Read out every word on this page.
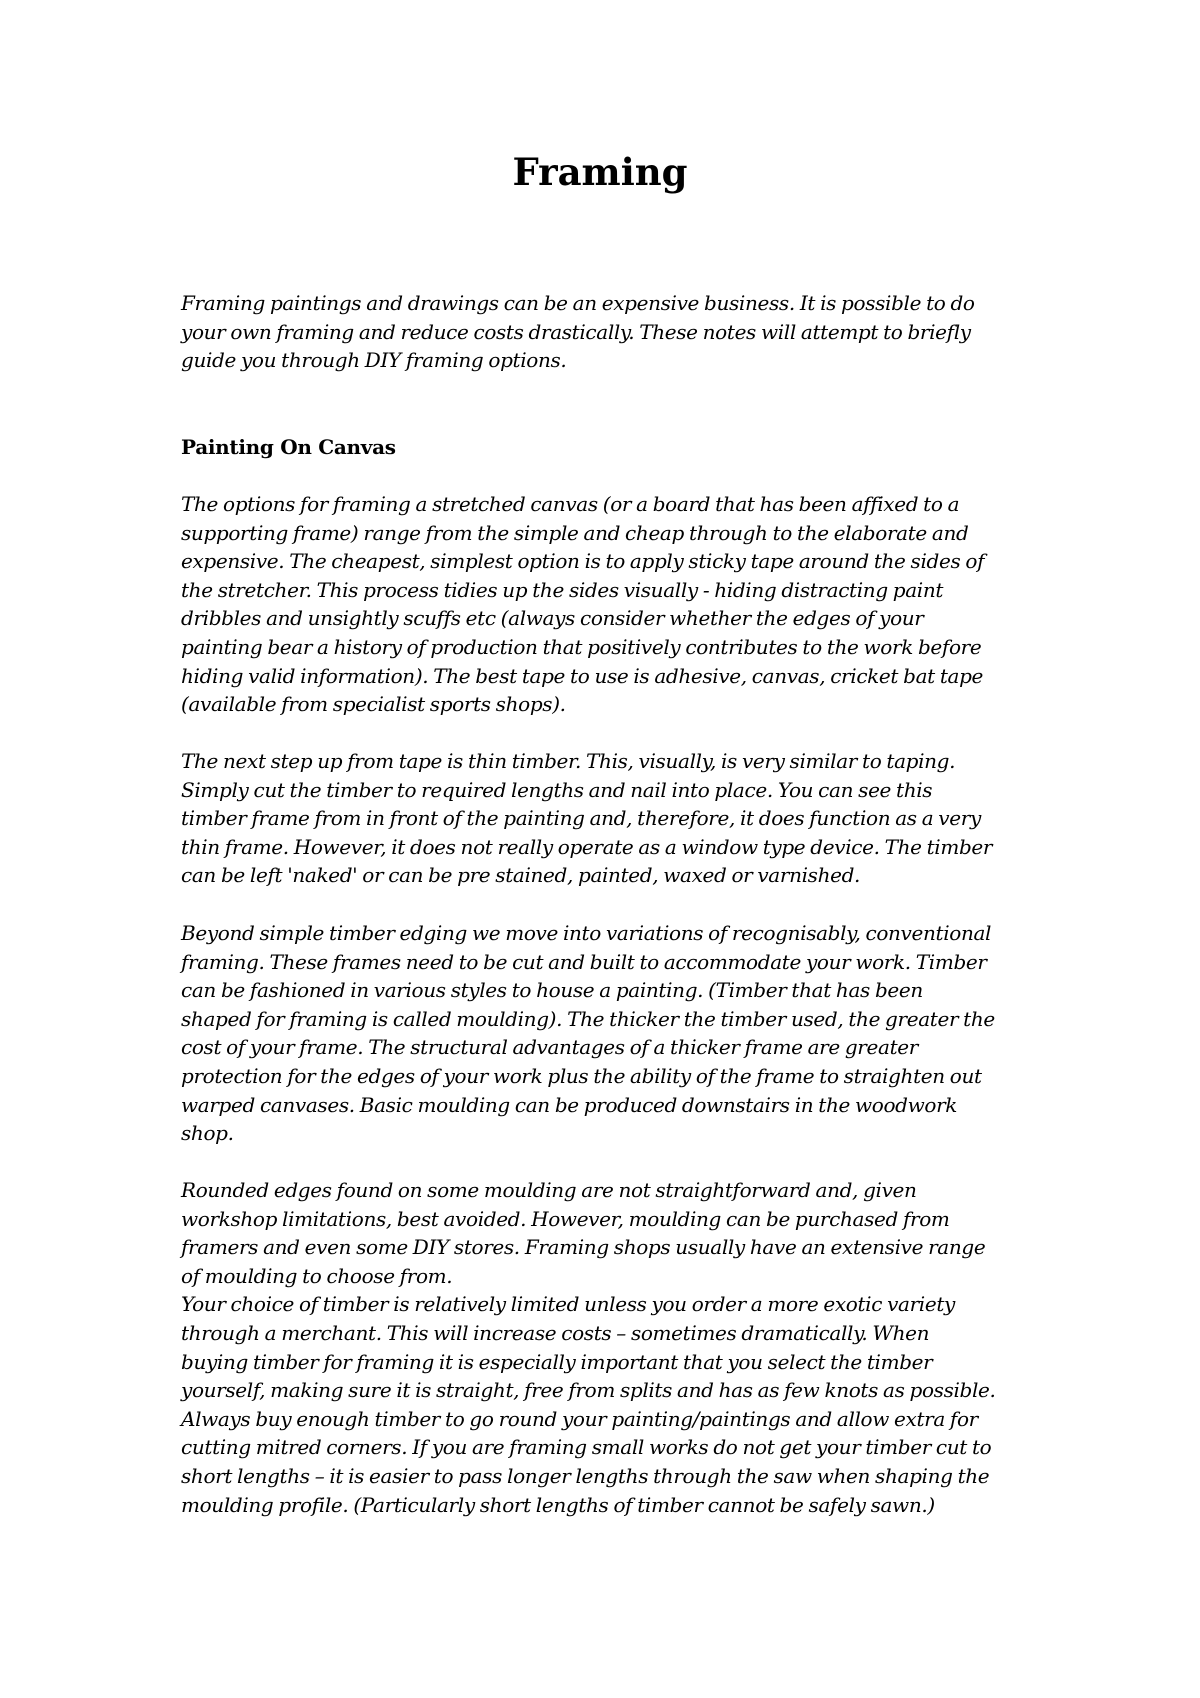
Framing

Framing paintings and drawings can be an expensive business. It is possible to do
your own framing and reduce costs drastically. These notes will attempt to briefly
guide you through DIY framing options.

Painting On Canvas

The options for framing a stretched canvas (or a board that has been affixed to a
supporting frame) range from the simple and cheap through to the elaborate and
expensive. The cheapest, simplest option is to apply sticky tape around the sides of
the stretcher. This process tidies up the sides visually - hiding distracting paint
dribbles and unsightly scuffs etc (always consider whether the edges of your
painting bear a history of production that positively contributes to the work before
hiding valid information). The best tape to use is adhesive, canvas, cricket bat tape
(available from specialist sports shops).

The next step up from tape is thin timber. This, visually, is very similar to taping.
Simply cut the timber to required lengths and nail into place. You can see this
timber frame from in front of the painting and, therefore, it does function as a very
thin frame. However, it does not really operate as a window type device. The timber
can be left 'naked' or can be pre stained, painted, waxed or varnished.

Beyond simple timber edging we move into variations of recognisably, conventional
framing. These frames need to be cut and built to accommodate your work. Timber
can be fashioned in various styles to house a painting. (Timber that has been
shaped for framing is called moulding). The thicker the timber used, the greater the
cost of your frame. The structural advantages of a thicker frame are greater
protection for the edges of your work plus the ability of the frame to straighten out
warped canvases. Basic moulding can be produced downstairs in the woodwork
shop.

Rounded edges found on some moulding are not straightforward and, given
workshop limitations, best avoided. However, moulding can be purchased from
framers and even some DIY stores. Framing shops usually have an extensive range
of moulding to choose from.
Your choice of timber is relatively limited unless you order a more exotic variety
through a merchant. This will increase costs – sometimes dramatically. When
buying timber for framing it is especially important that you select the timber
yourself, making sure it is straight, free from splits and has as few knots as possible.
Always buy enough timber to go round your painting/paintings and allow extra for
cutting mitred corners. If you are framing small works do not get your timber cut to
short lengths – it is easier to pass longer lengths through the saw when shaping the
moulding profile. (Particularly short lengths of timber cannot be safely sawn.)
